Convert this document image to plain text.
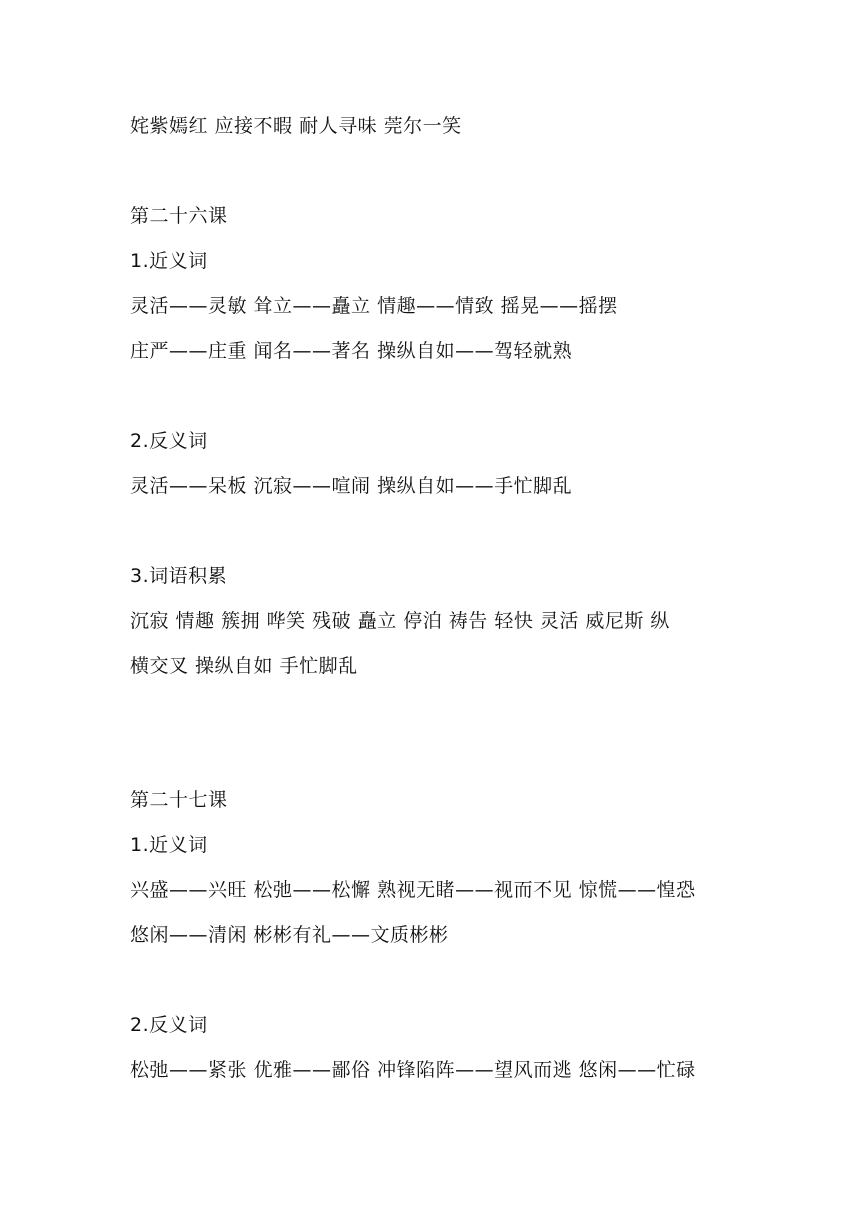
姹紫嫣红 应接不暇 耐人寻味 莞尔一笑
第二十六课
1.近义词
灵活——灵敏 耸立——矗立 情趣——情致 摇晃——摇摆
庄严——庄重 闻名——著名 操纵自如——驾轻就熟
2.反义词
灵活——呆板 沉寂——喧闹 操纵自如——手忙脚乱
3.词语积累
沉寂 情趣 簇拥 哗笑 残破 矗立 停泊 祷告 轻快 灵活 威尼斯 纵
横交叉 操纵自如 手忙脚乱
第二十七课
1.近义词
兴盛——兴旺 松弛——松懈 熟视无睹——视而不见 惊慌——惶恐
悠闲——清闲 彬彬有礼——文质彬彬
2.反义词
松弛——紧张 优雅——鄙俗 冲锋陷阵——望风而逃 悠闲——忙碌
